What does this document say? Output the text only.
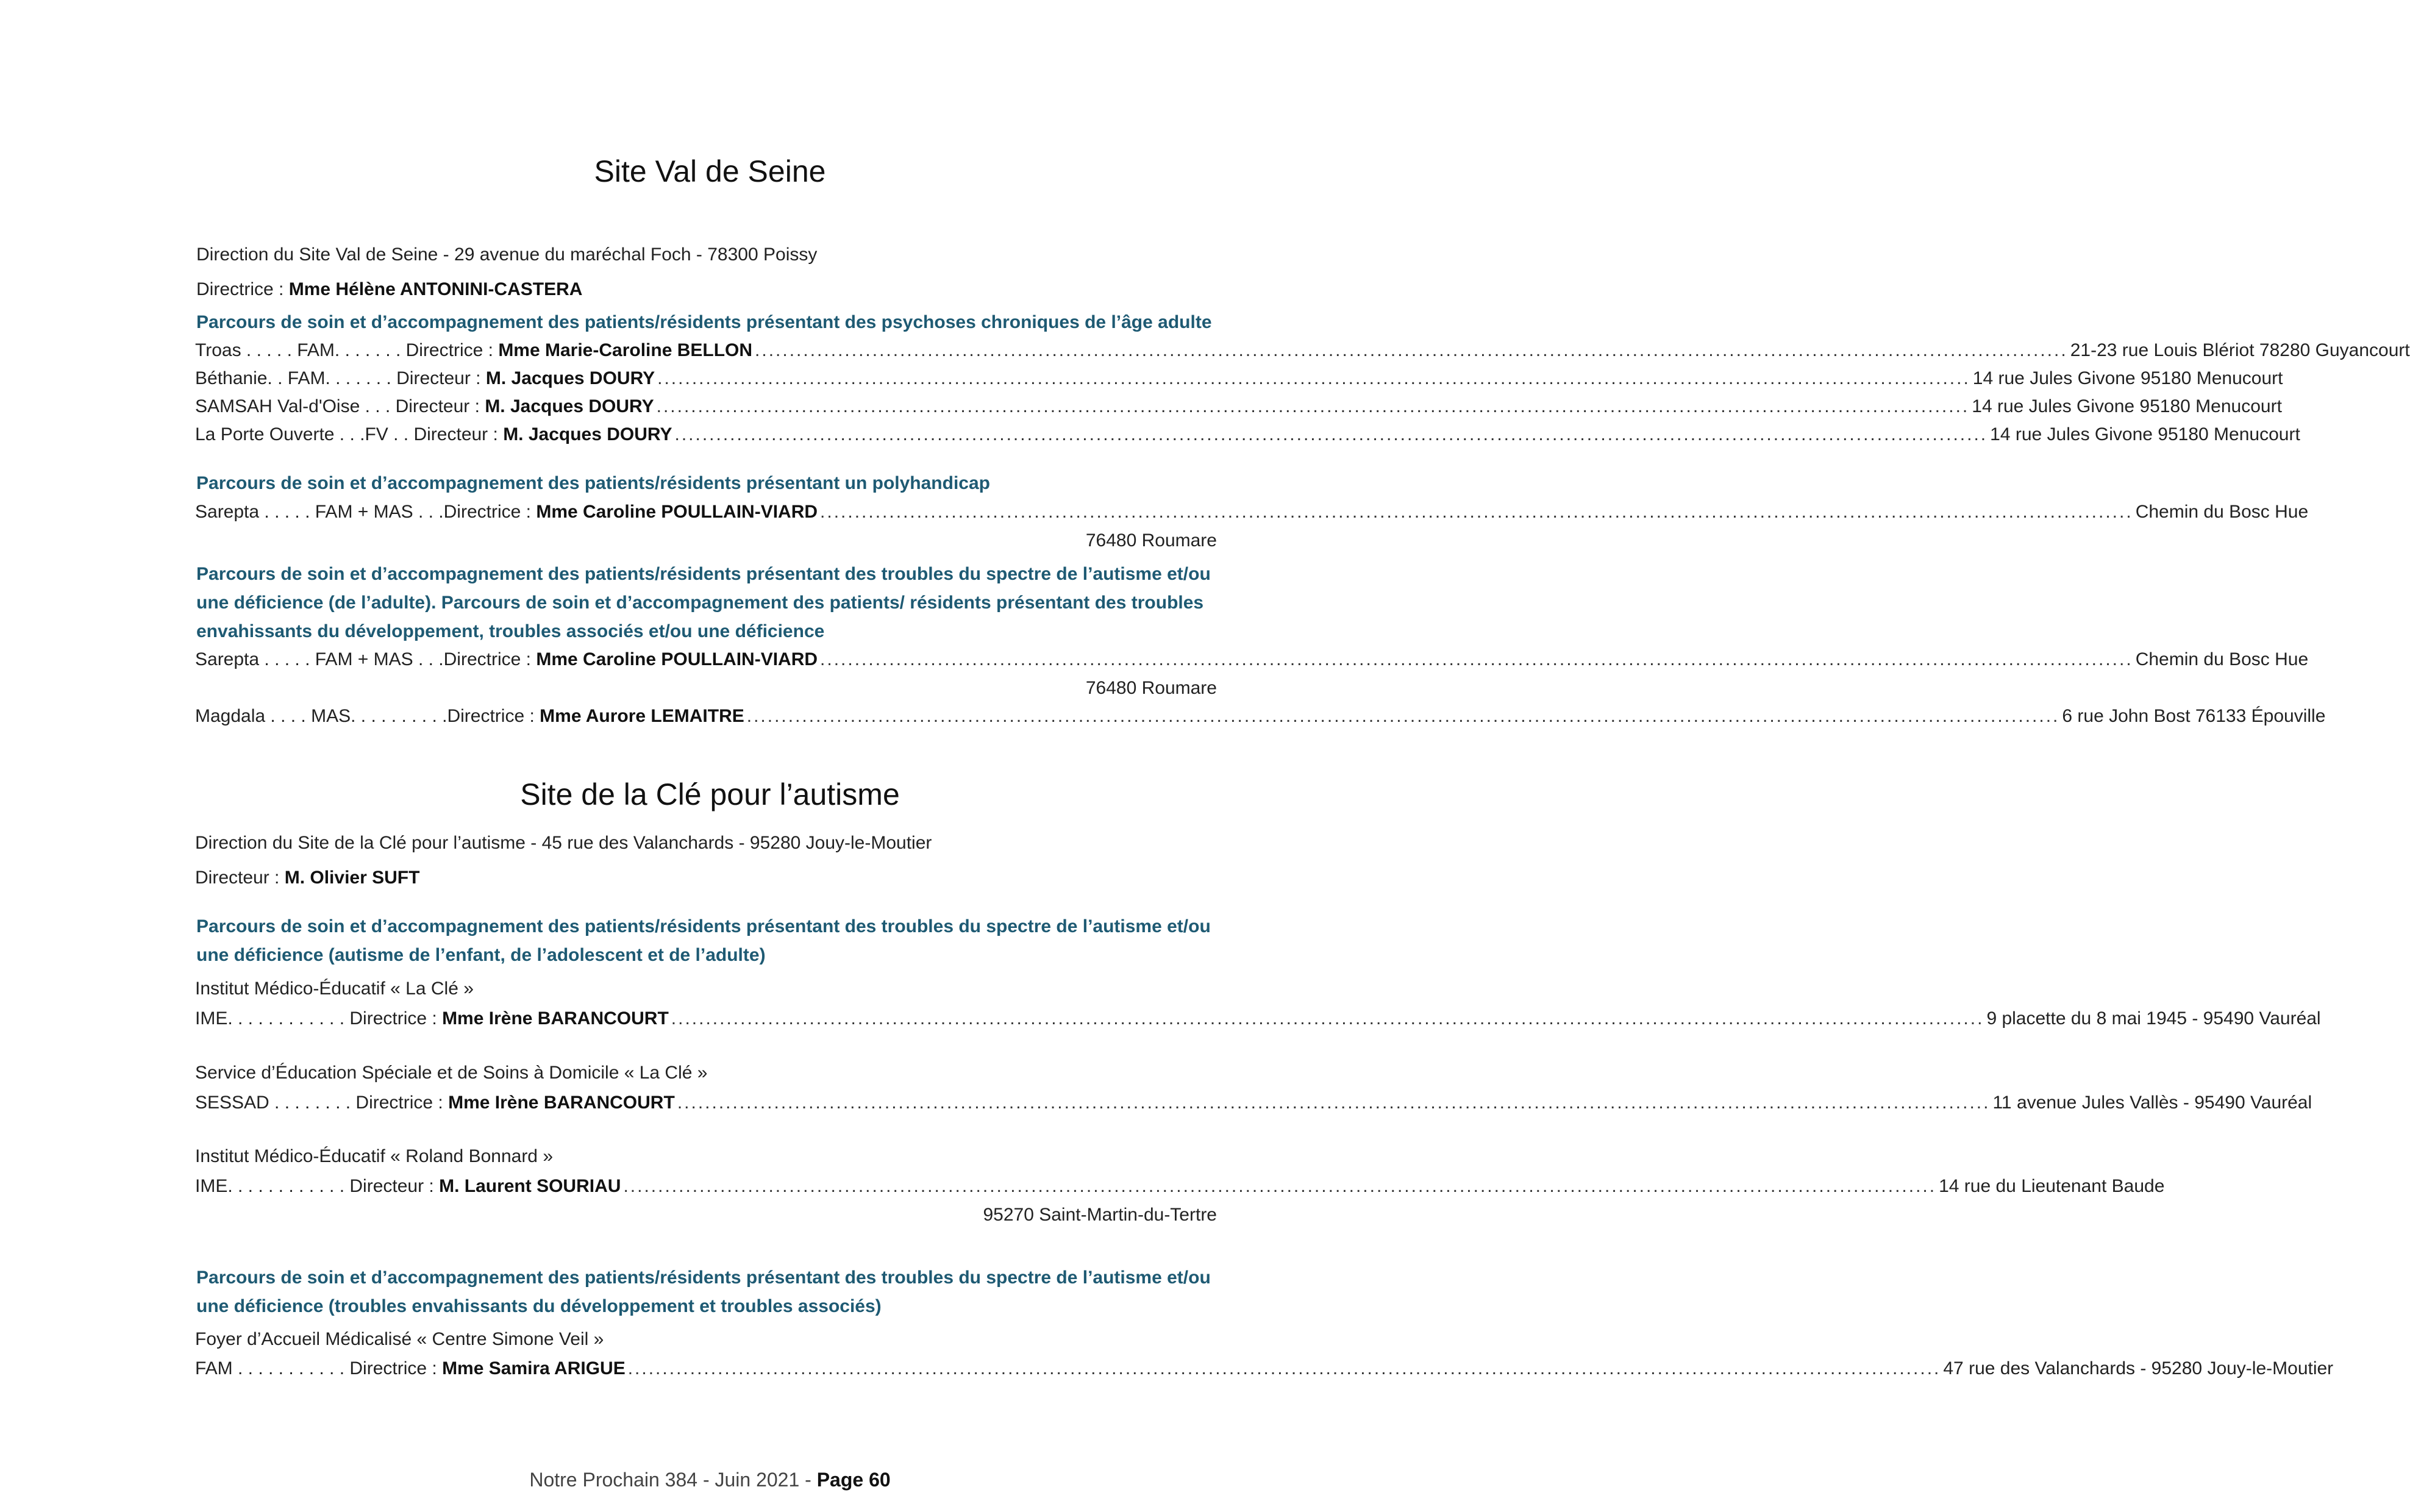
Site Val de Seine
Direction du Site Val de Seine - 29 avenue du maréchal Foch - 78300 Poissy
Directrice : Mme Hélène ANTONINI-CASTERA
Parcours de soin et d’accompagnement des patients/résidents présentant des psychoses chroniques de l’âge adulte
Troas . . . . . FAM. . . . . . . Directrice : Mme Marie-Caroline BELLON .............................................................................................................................................................................................. 21-23 rue Louis Blériot 78280 Guyancourt
Béthanie. . FAM. . . . . . . Directeur : M. Jacques DOURY .............................................................................................................................................................................................. 14 rue Jules Givone 95180 Menucourt
SAMSAH Val-d'Oise . . . Directeur : M. Jacques DOURY .............................................................................................................................................................................................. 14 rue Jules Givone 95180 Menucourt
La Porte Ouverte . . .FV . . Directeur : M. Jacques DOURY .............................................................................................................................................................................................. 14 rue Jules Givone 95180 Menucourt
Parcours de soin et d’accompagnement des patients/résidents présentant un polyhandicap
Sarepta . . . . . FAM + MAS . . .Directrice : Mme Caroline POULLAIN-VIARD .............................................................................................................................................................................................. Chemin du Bosc Hue
76480 Roumare
Parcours de soin et d’accompagnement des patients/résidents présentant des troubles du spectre de l’autisme et/ou une déficience (de l’adulte). Parcours de soin et d’accompagnement des patients/ résidents présentant des troubles envahissants du développement, troubles associés et/ou une déficience
Sarepta . . . . . FAM + MAS . . .Directrice : Mme Caroline POULLAIN-VIARD .............................................................................................................................................................................................. Chemin du Bosc Hue
76480 Roumare
Magdala . . . . MAS. . . . . . . . . .Directrice : Mme Aurore LEMAITRE .............................................................................................................................................................................................. 6 rue John Bost 76133 Épouville
Site de la Clé pour l’autisme
Direction du Site de la Clé pour l’autisme - 45 rue des Valanchards - 95280 Jouy-le-Moutier
Directeur : M. Olivier SUFT
Parcours de soin et d’accompagnement des patients/résidents présentant des troubles du spectre de l’autisme et/ou une déficience (autisme de l’enfant, de l’adolescent et de l’adulte)
Institut Médico-Éducatif « La Clé »
IME. . . . . . . . . . . . Directrice : Mme Irène BARANCOURT .............................................................................................................................................................................................. 9 placette du 8 mai 1945 - 95490 Vauréal
Service d’Éducation Spéciale et de Soins à Domicile « La Clé »
SESSAD . . . . . . . . Directrice : Mme Irène BARANCOURT .............................................................................................................................................................................................. 11 avenue Jules Vallès - 95490 Vauréal
Institut Médico-Éducatif « Roland Bonnard »
IME. . . . . . . . . . . . Directeur : M. Laurent SOURIAU .............................................................................................................................................................................................. 14 rue du Lieutenant Baude
95270 Saint-Martin-du-Tertre
Parcours de soin et d’accompagnement des patients/résidents présentant des troubles du spectre de l’autisme et/ou une déficience (troubles envahissants du développement et troubles associés)
Foyer d’Accueil Médicalisé « Centre Simone Veil »
FAM . . . . . . . . . . . Directrice : Mme Samira ARIGUE .............................................................................................................................................................................................. 47 rue des Valanchards - 95280 Jouy-le-Moutier
Notre Prochain 384 - Juin 2021 - Page 60
